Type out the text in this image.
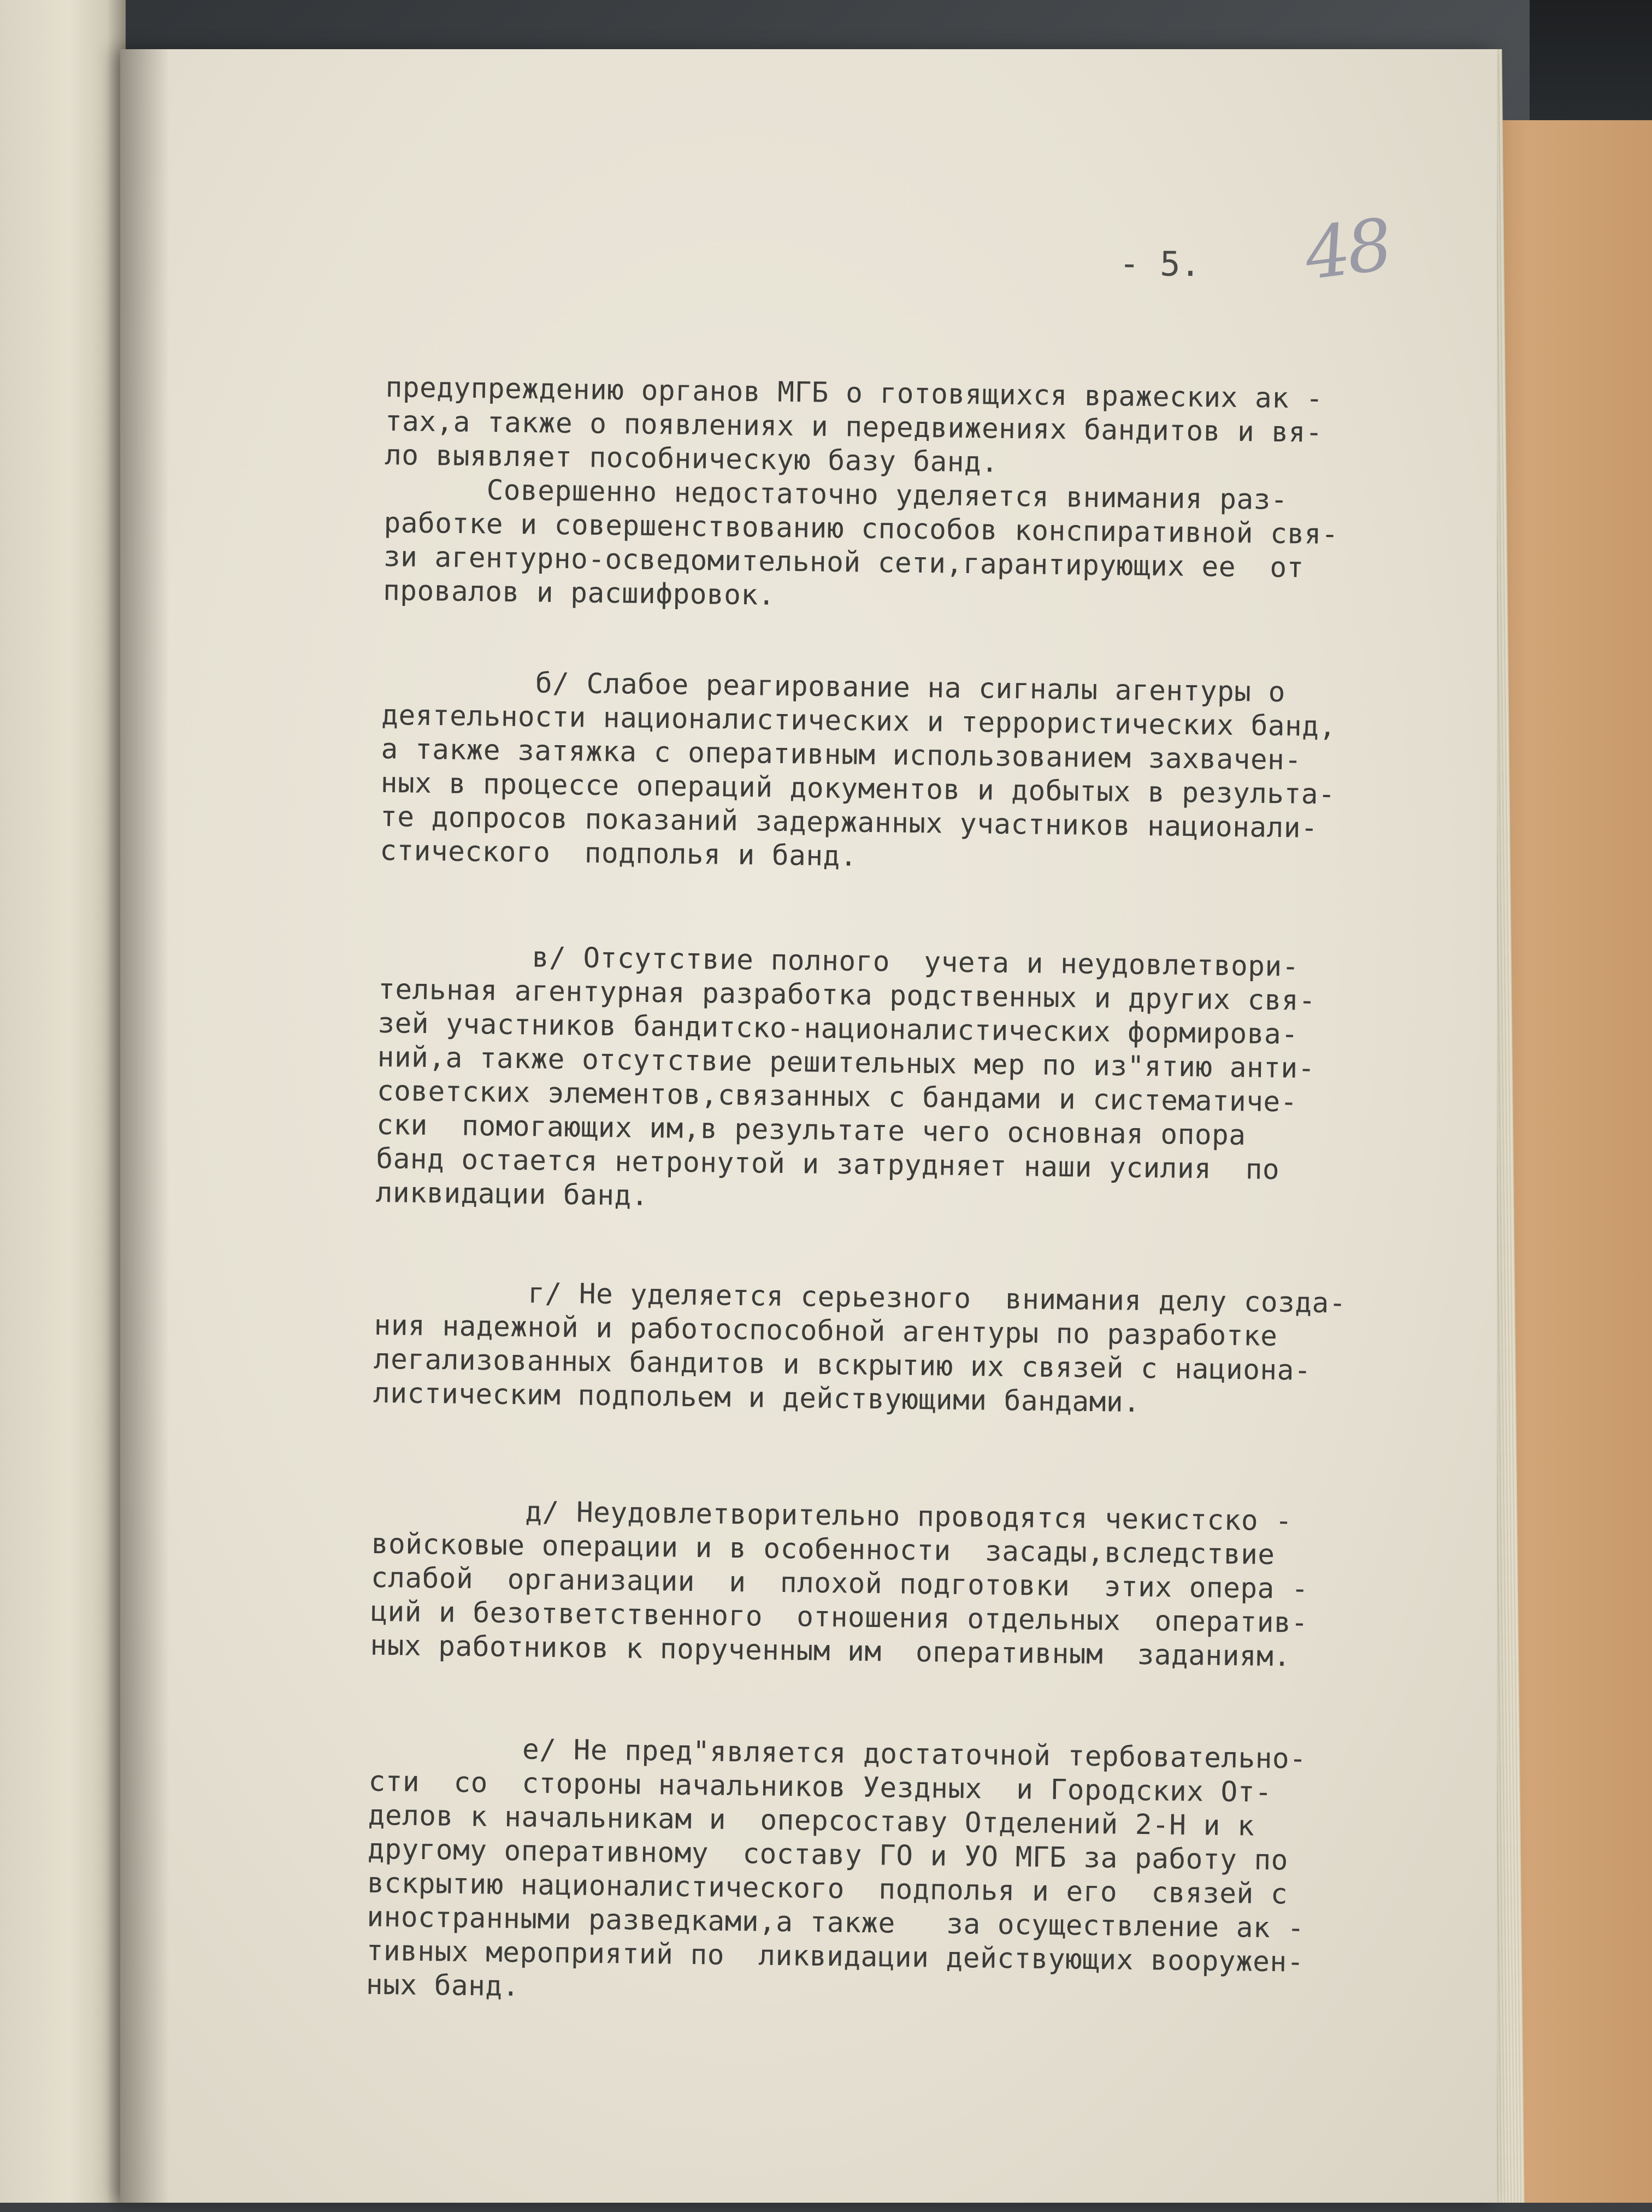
- 5. 48
предупреждению органов МГБ о готовящихся вражеских ак -
тах,а также о появлениях и передвижениях бандитов и вя-
ло выявляет пособническую базу банд.
Совершенно недостаточно уделяется внимания раз-
работке и совершенствованию способов конспиративной свя-
зи агентурно-осведомительной сети,гарантирующих ее  от
провалов и расшифровок.
б/ Слабое реагирование на сигналы агентуры о
деятельности националистических и террористических банд,
а также затяжка с оперативным использованием захвачен-
ных в процессе операций документов и добытых в результа-
те допросов показаний задержанных участников национали-
стического  подполья и банд.
в/ Отсутствие полного  учета и неудовлетвори-
тельная агентурная разработка родственных и других свя-
зей участников бандитско-националистических формирова-
ний,а также отсутствие решительных мер по из"ятию анти-
советских элементов,связанных с бандами и систематиче-
ски  помогающих им,в результате чего основная опора
банд остается нетронутой и затрудняет наши усилия  по
ликвидации банд.
г/ Не уделяется серьезного  внимания делу созда-
ния надежной и работоспособной агентуры по разработке
легализованных бандитов и вскрытию их связей с национа-
листическим подпольем и действующими бандами.
д/ Неудовлетворительно проводятся чекистско -
войсковые операции и в особенности  засады,вследствие
слабой  организации  и  плохой подготовки  этих опера -
ций и безответственного  отношения отдельных  оператив-
ных работников к порученным им  оперативным  заданиям.
е/ Не пред"являетcя достаточной тербовательно-
сти  со  стороны начальников Уездных  и Городских От-
делов к начальникам и  оперсоставу Отделений 2-Н и к
другому оперативному  составу ГО и УО МГБ за работу по
вскрытию националистического  подполья и его  связей с
иностранными разведками,а также   за осуществление ак -
тивных мероприятий по  ликвидации действующих вооружен-
ных банд.
